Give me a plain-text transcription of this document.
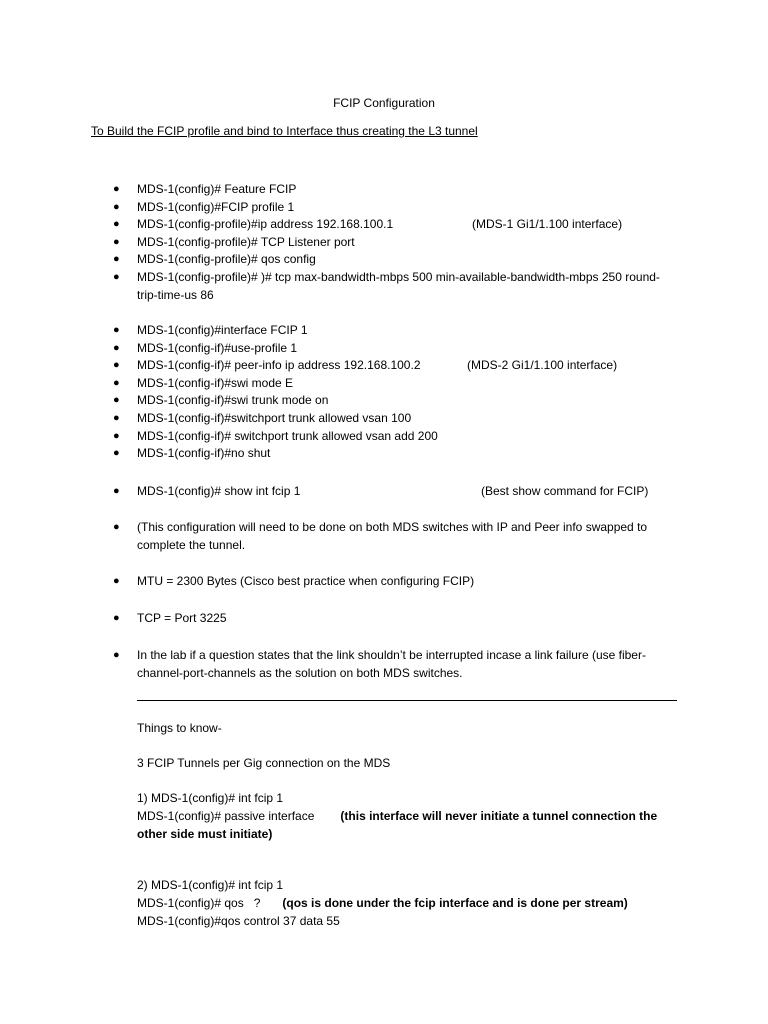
FCIP Configuration

To Build the FCIP profile and bind to Interface thus creating the L3 tunnel

● MDS-1(config)# Feature FCIP
● MDS-1(config)#FCIP profile 1
● MDS-1(config-profile)#ip address 192.168.100.1	(MDS-1 Gi1/1.100 interface)
● MDS-1(config-profile)# TCP Listener port
● MDS-1(config-profile)# qos config
● MDS-1(config-profile)# )# tcp max-bandwidth-mbps 500 min-available-bandwidth-mbps 250 round-trip-time-us 86
● MDS-1(config)#interface FCIP 1
● MDS-1(config-if)#use-profile 1
● MDS-1(config-if)# peer-info ip address 192.168.100.2	(MDS-2 Gi1/1.100 interface)
● MDS-1(config-if)#swi mode E
● MDS-1(config-if)#swi trunk mode on
● MDS-1(config-if)#switchport trunk allowed vsan 100
● MDS-1(config-if)# switchport trunk allowed vsan add 200
● MDS-1(config-if)#no shut
● MDS-1(config)# show int fcip 1	(Best show command for FCIP)
● (This configuration will need to be done on both MDS switches with IP and Peer info swapped to complete the tunnel.
● MTU = 2300 Bytes (Cisco best practice when configuring FCIP)
● TCP = Port 3225
● In the lab if a question states that the link shouldn’t be interrupted incase a link failure (use fiber-channel-port-channels as the solution on both MDS switches.

Things to know-

3 FCIP Tunnels per Gig connection on the MDS

1) MDS-1(config)# int fcip 1

MDS-1(config)# passive interface (this interface will never initiate a tunnel connection the other side must initiate)

2) MDS-1(config)# int fcip 1

MDS-1(config)# qos   ? (qos is done under the fcip interface and is done per stream)
MDS-1(config)#qos control 37 data 55
